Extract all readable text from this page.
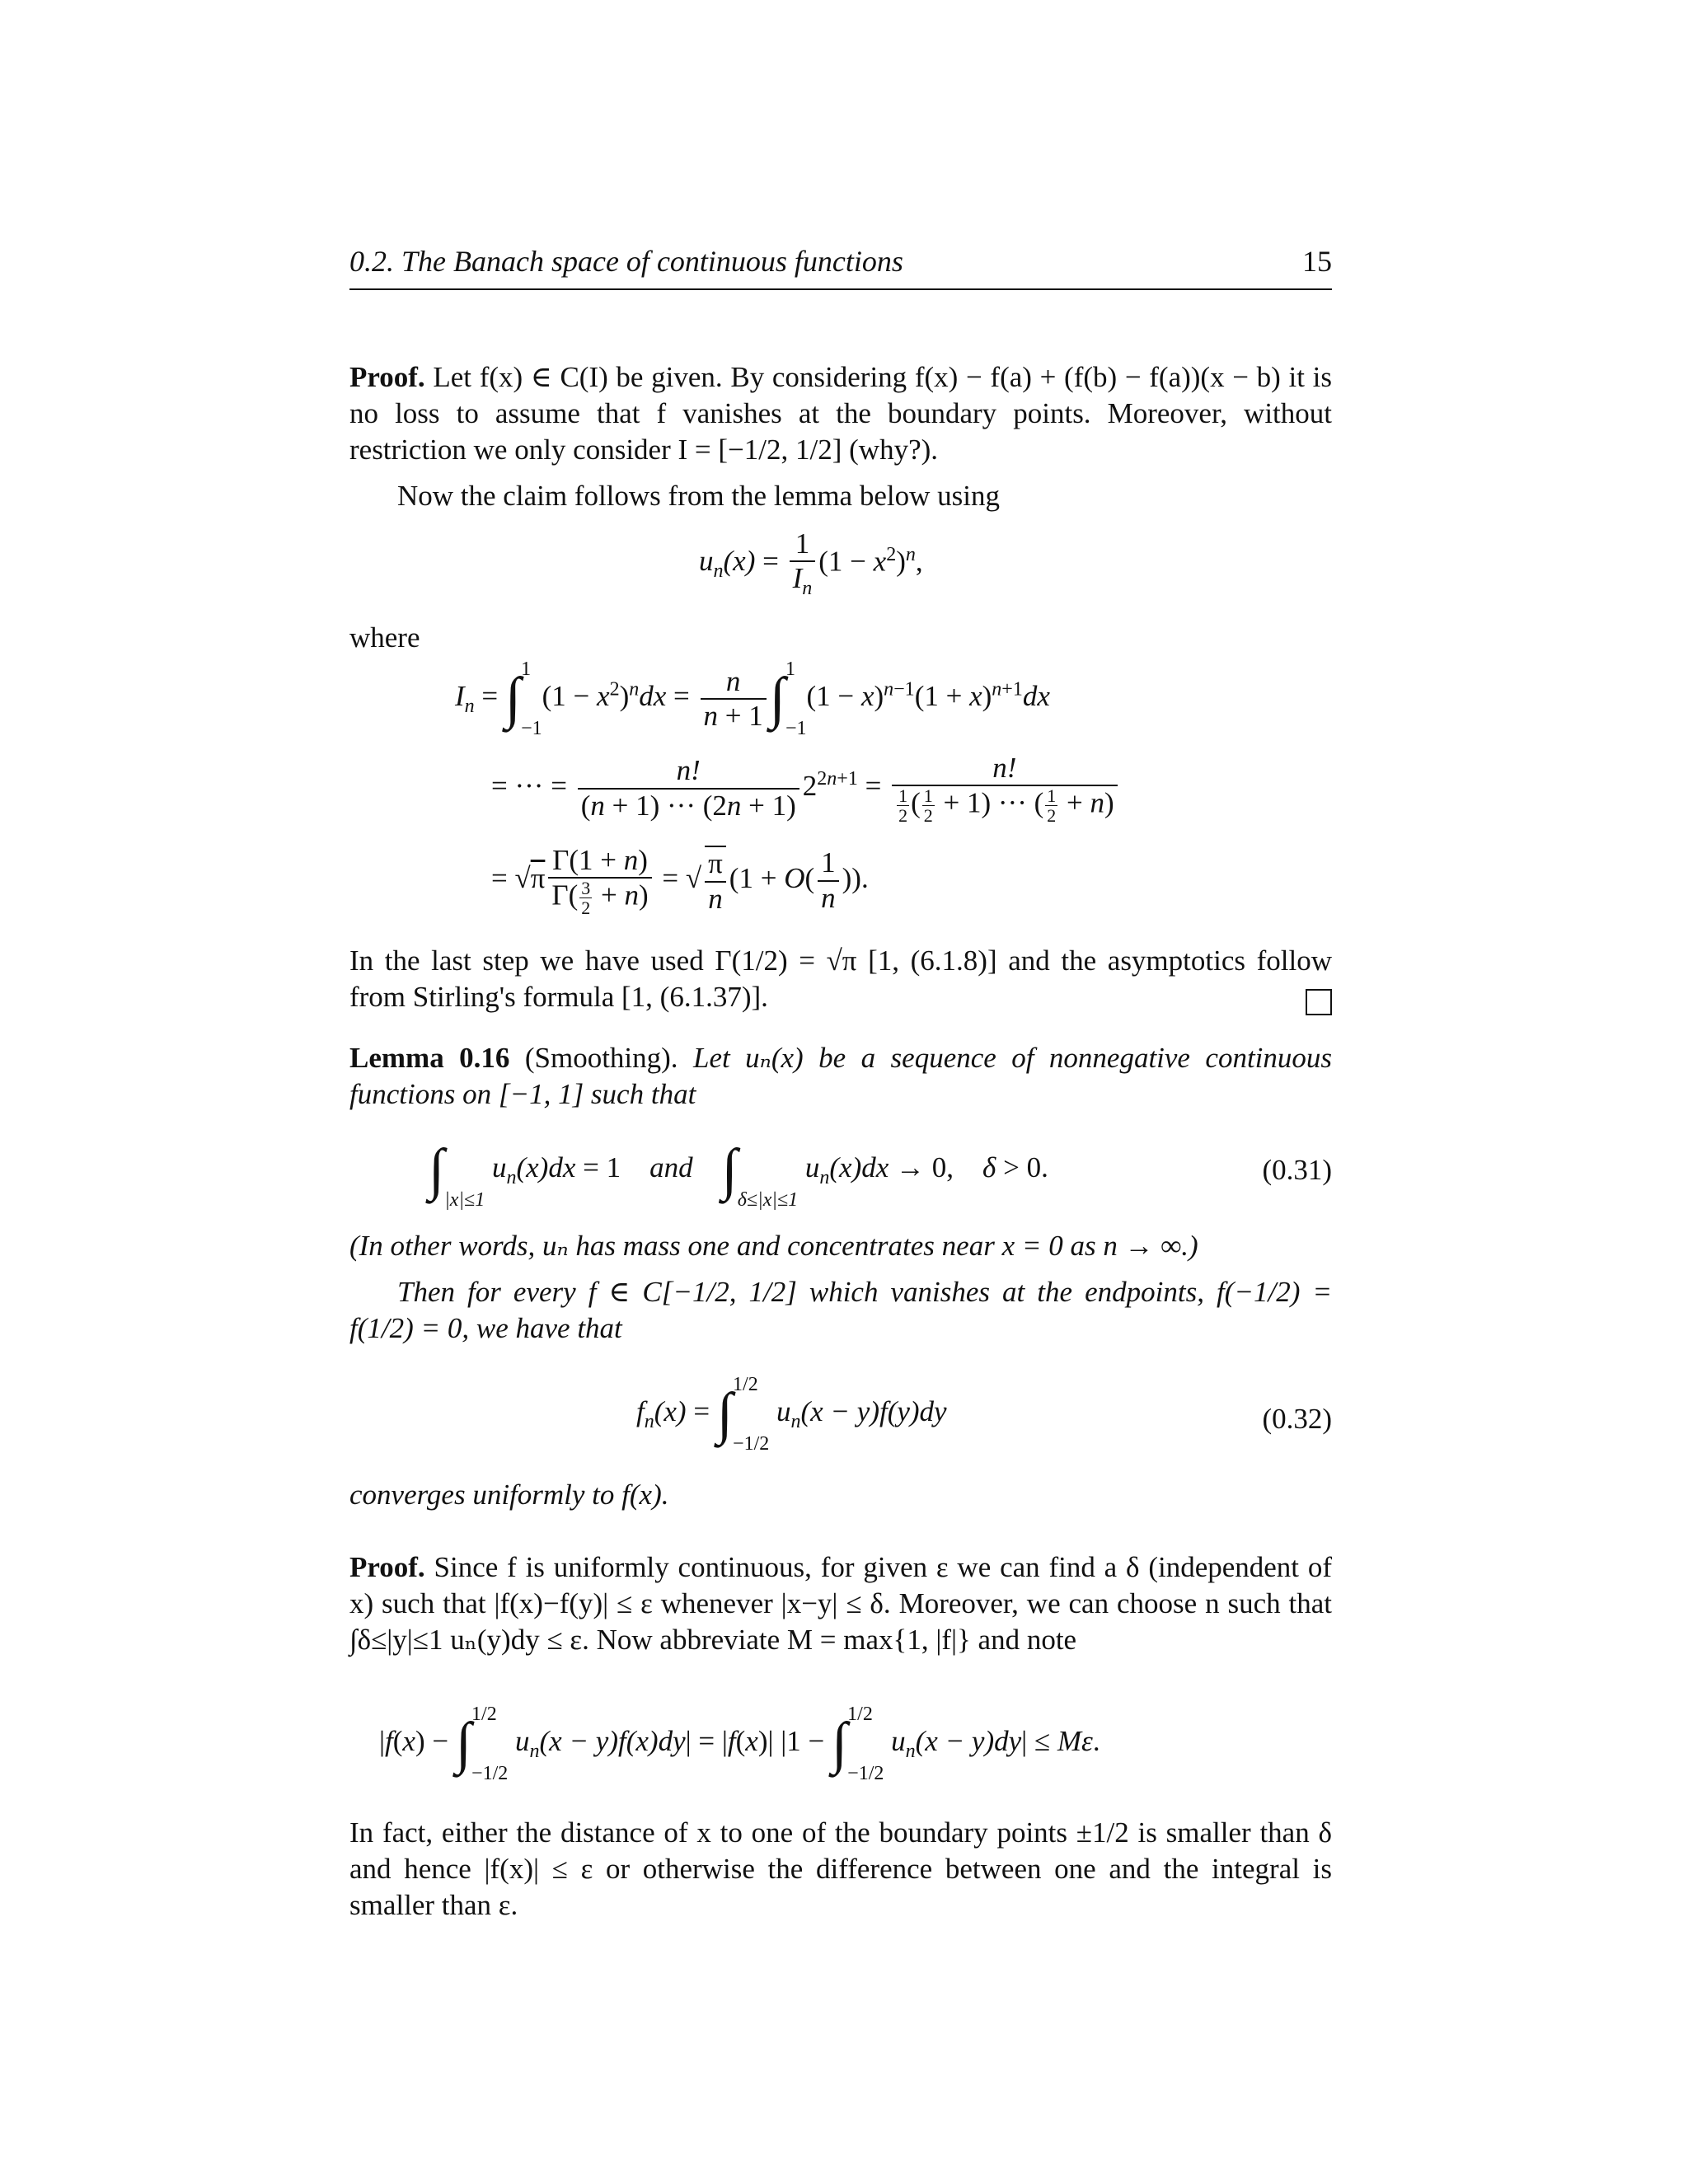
0.2. The Banach space of continuous functions	15

Proof. Let f(x) ∈ C(I) be given. By considering f(x) − f(a) + (f(b) − f(a))(x − b) it is no loss to assume that f vanishes at the boundary points. Moreover, without restriction we only consider I = [−1/2, 1/2] (why?).

Now the claim follows from the lemma below using

$u_n(x) = \frac{1}{I_n} (1 - x^2)^n$,

where

$I_n$ = ∫ 1
−1
$(1 - x^2)^ndx = \frac{n}{n + 1}$ ∫ 1
−1
$(1 - x)^{n-1}(1 + x)^{n+1}dx$
= ··· = $\frac{n!}{(n + 1) \cdot\cdot\cdot (2n + 1)} 2^{2n+1} = \frac{n!}{\frac{1}{2} ( \frac{1}{2} + 1) \cdot\cdot\cdot ( \frac{1}{2} + n)}$
= $√\pi \frac{\Gamma(1 + n)}{\Gamma( \frac{3}{2} + n)}$ = √ $\frac{\pi}{n} (1 + O( \frac{1}{n}$ )).

In the last step we have used Γ(1/2) = √π [1, (6.1.8)] and the asymptotics follow from Stirling's formula [1, (6.1.37)].

Lemma 0.16 (Smoothing). Let uₙ(x) be a sequence of nonnegative continuous functions on [−1, 1] such that

∫
|x|≤1
$u_n(x)dx = 1$    and ∫
δ≤|x|≤1
$u_n(x)dx \to 0$,    δ > 0.	(0.31)

(In other words, uₙ has mass one and concentrates near x = 0 as n → ∞.)

Then for every f ∈ C[−1/2, 1/2] which vanishes at the endpoints, f(−1/2) = f(1/2) = 0, we have that

$f_n(x)$ = ∫ 1/2
−1/2
$u_n(x - y)f(y)dy$	(0.32)

converges uniformly to f(x).

Proof. Since f is uniformly continuous, for given ε we can find a δ (independent of x) such that |f(x)−f(y)| ≤ ε whenever |x−y| ≤ δ. Moreover, we can choose n such that ∫δ≤|y|≤1 uₙ(y)dy ≤ ε. Now abbreviate M = max{1, |f|} and note

|f(x) − ∫ 1/2
−1/2
$u_n(x - y)f(x)dy| = |f(x)|$ |1 − ∫ 1/2
−1/2
$u_n(x - y)dy| \le M\varepsilon$.

In fact, either the distance of x to one of the boundary points ±1/2 is smaller than δ and hence |f(x)| ≤ ε or otherwise the difference between one and the integral is smaller than ε.
